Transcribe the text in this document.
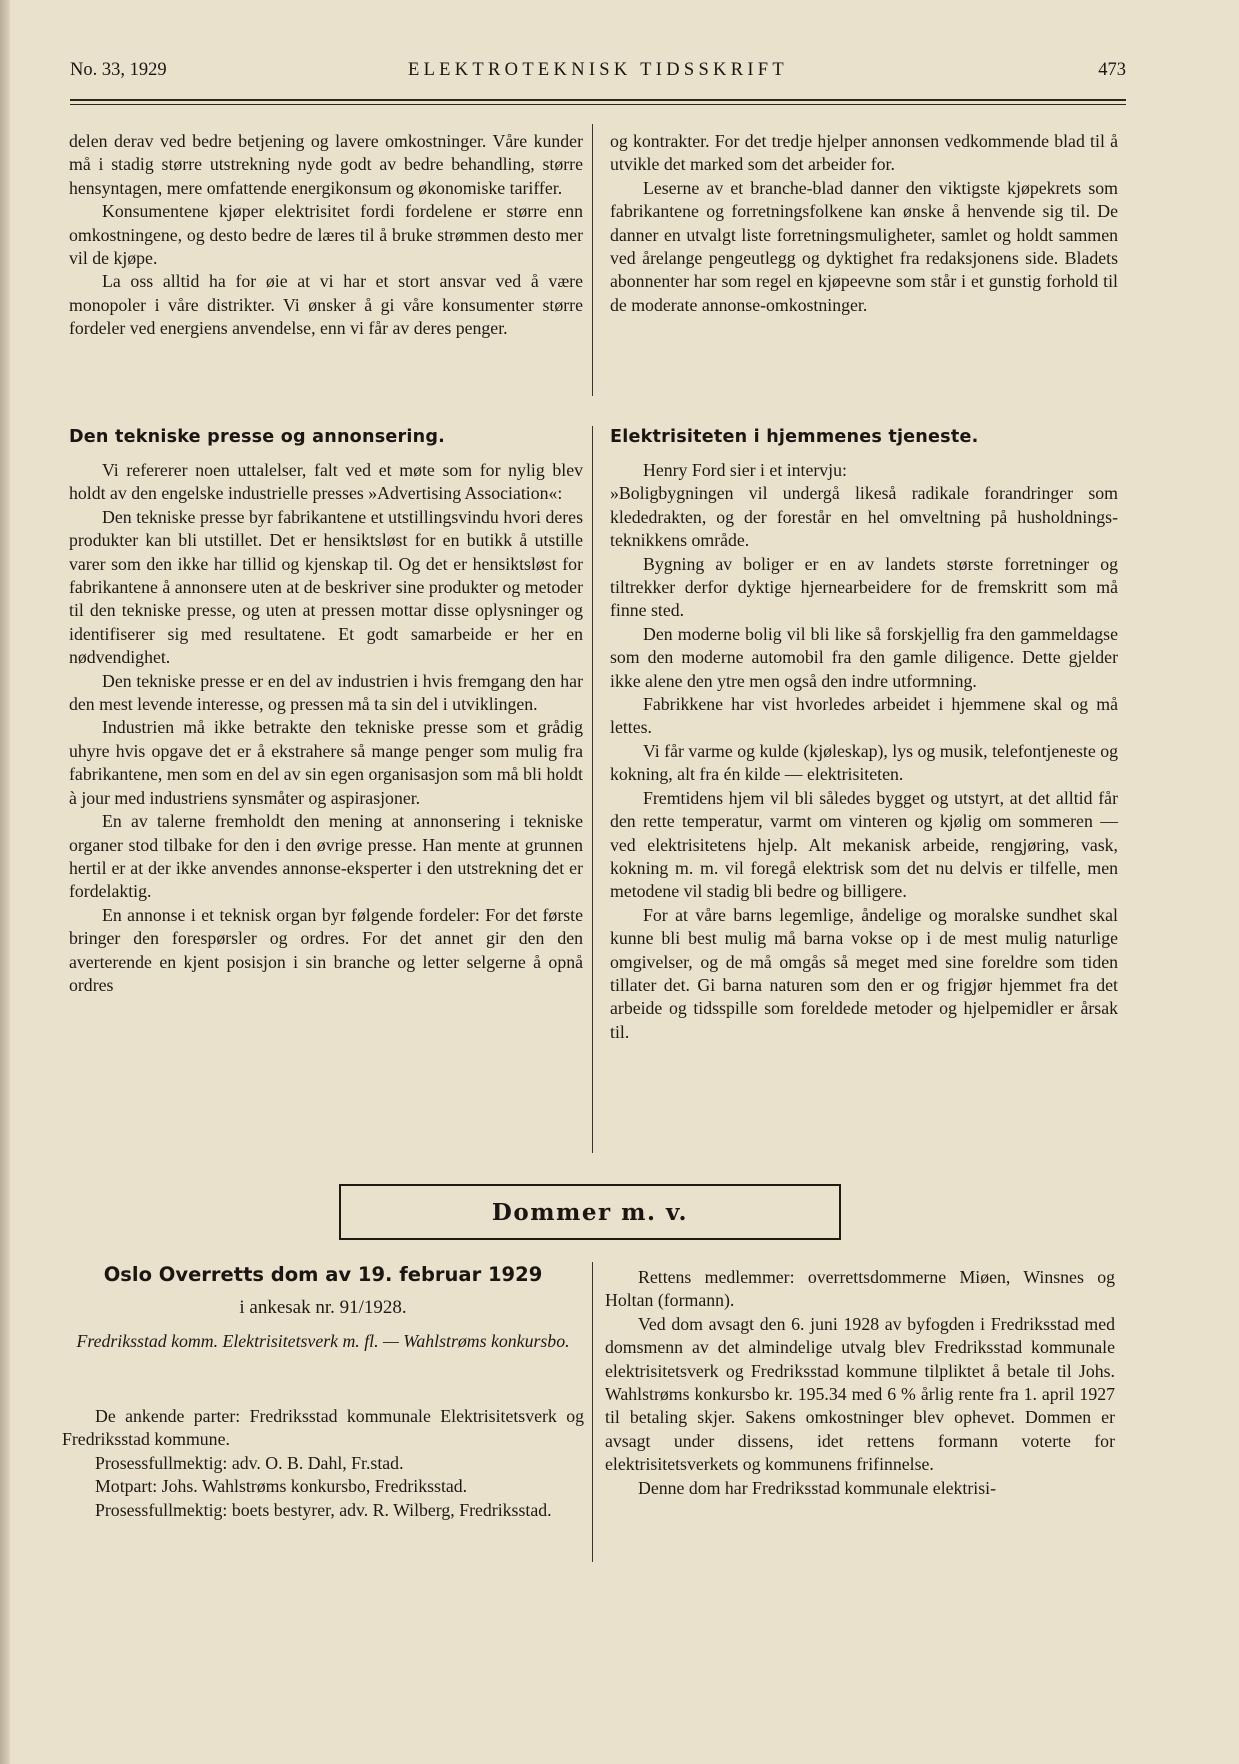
No. 33, 1929	ELEKTROTEKNISK TIDSSKRIFT	473

delen derav ved bedre betjening og lavere omkostninger. Våre kunder må i stadig større utstrekning nyde godt av bedre behandling, større hensyntagen, mere omfattende energikonsum og økonomiske tariffer.

Konsumentene kjøper elektrisitet fordi fordelene er større enn omkostningene, og desto bedre de læres til å bruke strømmen desto mer vil de kjøpe.

La oss alltid ha for øie at vi har et stort ansvar ved å være monopoler i våre distrikter. Vi ønsker å gi våre konsumenter større fordeler ved energiens anvendelse, enn vi får av deres penger.

og kontrakter. For det tredje hjelper annonsen vedkommende blad til å utvikle det marked som det arbeider for.

Leserne av et branche-blad danner den viktigste kjøpekrets som fabrikantene og forretningsfolkene kan ønske å henvende sig til. De danner en utvalgt liste forretningsmuligheter, samlet og holdt sammen ved årelange pengeutlegg og dyktighet fra redaksjonens side. Bladets abonnenter har som regel en kjøpeevne som står i et gunstig forhold til de moderate annonse-omkostninger.

Den tekniske presse og annonsering.	Elektrisiteten i hjemmenes tjeneste.

Vi refererer noen uttalelser, falt ved et møte som for nylig blev holdt av den engelske industrielle presses »Advertising Association«:

Den tekniske presse byr fabrikantene et utstillingsvindu hvori deres produkter kan bli utstillet. Det er hensiktsløst for en butikk å utstille varer som den ikke har tillid og kjenskap til. Og det er hensiktsløst for fabrikantene å annonsere uten at de beskriver sine produkter og metoder til den tekniske presse, og uten at pressen mottar disse oplysninger og identifiserer sig med resultatene. Et godt samarbeide er her en nødvendighet.

Den tekniske presse er en del av industrien i hvis fremgang den har den mest levende interesse, og pressen må ta sin del i utviklingen.

Industrien må ikke betrakte den tekniske presse som et grådig uhyre hvis opgave det er å ekstrahere så mange penger som mulig fra fabrikantene, men som en del av sin egen organisasjon som må bli holdt à jour med industriens synsmåter og aspirasjoner.

En av talerne fremholdt den mening at annonsering i tekniske organer stod tilbake for den i den øvrige presse. Han mente at grunnen hertil er at der ikke anvendes annonse-eksperter i den utstrekning det er fordelaktig.

En annonse i et teknisk organ byr følgende fordeler: For det første bringer den forespørsler og ordres. For det annet gir den den averterende en kjent posisjon i sin branche og letter selgerne å opnå ordres

Henry Ford sier i et intervju:

»Boligbygningen vil undergå likeså radikale forandringer som klededrakten, og der forestår en hel omveltning på husholdnings-teknikkens område.

Bygning av boliger er en av landets største forretninger og tiltrekker derfor dyktige hjernearbeidere for de fremskritt som må finne sted.

Den moderne bolig vil bli like så forskjellig fra den gammeldagse som den moderne automobil fra den gamle diligence. Dette gjelder ikke alene den ytre men også den indre utformning.

Fabrikkene har vist hvorledes arbeidet i hjemmene skal og må lettes.

Vi får varme og kulde (kjøleskap), lys og musik, telefontjeneste og kokning, alt fra én kilde — elektrisiteten.

Fremtidens hjem vil bli således bygget og utstyrt, at det alltid får den rette temperatur, varmt om vinteren og kjølig om sommeren — ved elektrisitetens hjelp. Alt mekanisk arbeide, rengjøring, vask, kokning m. m. vil foregå elektrisk som det nu delvis er tilfelle, men metodene vil stadig bli bedre og billigere.

For at våre barns legemlige, åndelige og moralske sundhet skal kunne bli best mulig må barna vokse op i de mest mulig naturlige omgivelser, og de må omgås så meget med sine foreldre som tiden tillater det. Gi barna naturen som den er og frigjør hjemmet fra det arbeide og tidsspille som foreldede metoder og hjelpemidler er årsak til.

Dommer m. v.
Oslo Overretts dom av 19. februar 1929

i ankesak nr. 91/1928.

Fredriksstad komm. Elektrisitetsverk m. fl. — Wahlstrøms konkursbo.

De ankende parter: Fredriksstad kommunale Elektrisitetsverk og Fredriksstad kommune.

Prosessfullmektig: adv. O. B. Dahl, Fr.stad.

Motpart: Johs. Wahlstrøms konkursbo, Fredriksstad.

Prosessfullmektig: boets bestyrer, adv. R. Wilberg, Fredriksstad.

Rettens medlemmer: overrettsdommerne Miøen, Winsnes og Holtan (formann).

Ved dom avsagt den 6. juni 1928 av byfogden i Fredriksstad med domsmenn av det almindelige utvalg blev Fredriksstad kommunale elektrisitetsverk og Fredriksstad kommune tilpliktet å betale til Johs. Wahlstrøms konkursbo kr. 195.34 med 6 % årlig rente fra 1. april 1927 til betaling skjer. Sakens omkostninger blev ophevet. Dommen er avsagt under dissens, idet rettens formann voterte for elektrisitetsverkets og kommunens frifinnelse.

Denne dom har Fredriksstad kommunale elektrisi-
